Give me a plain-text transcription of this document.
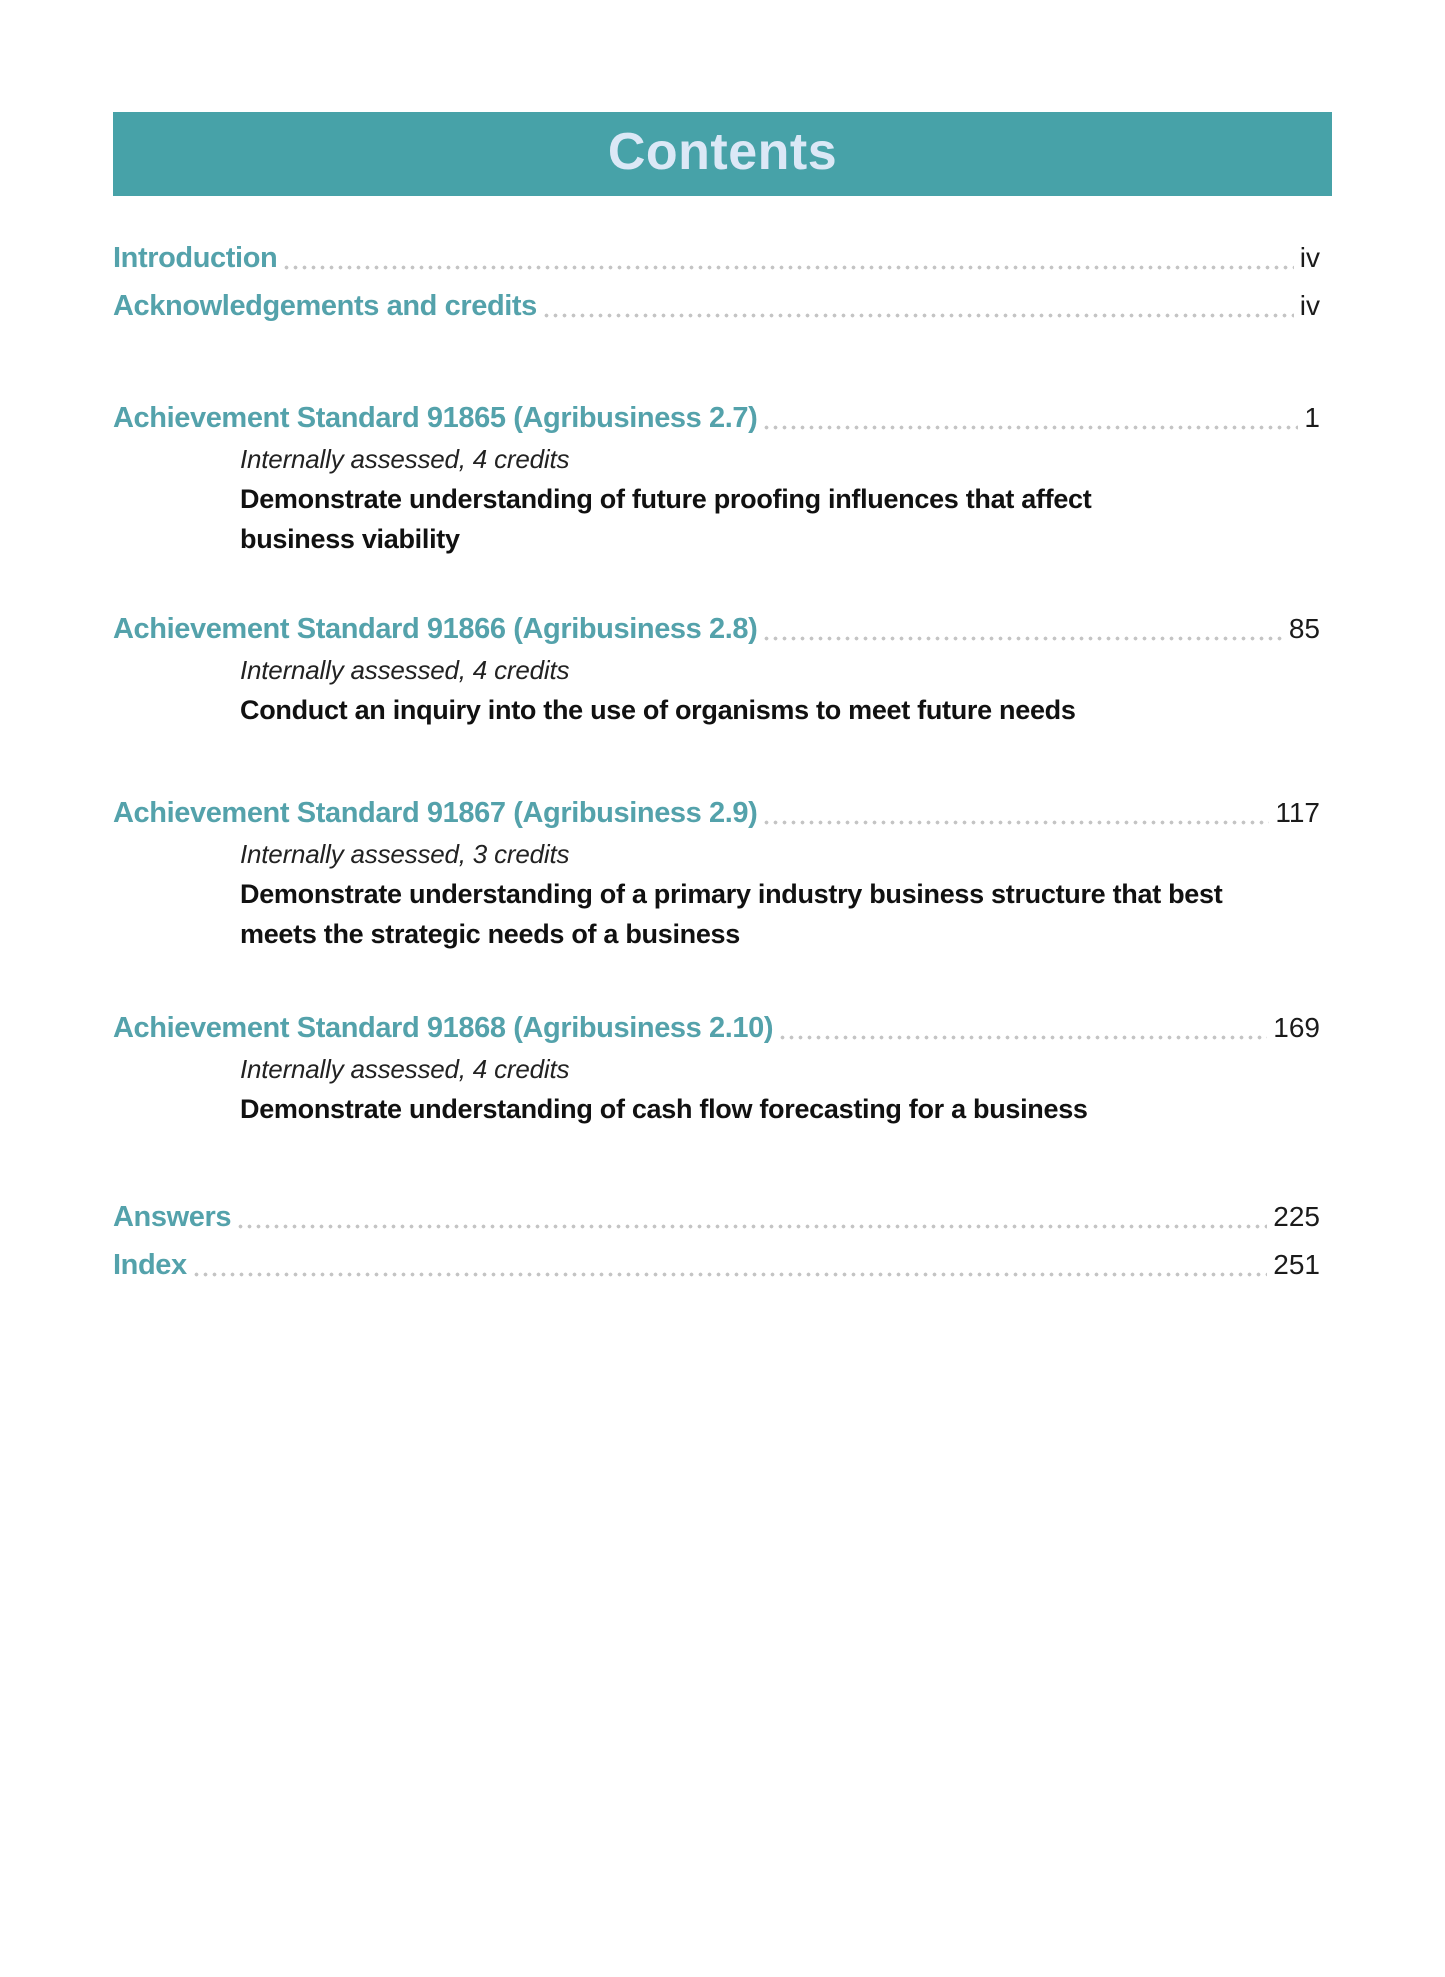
Contents
Introduction	iv
Acknowledgements and credits	iv
Achievement Standard 91865 (Agribusiness 2.7)	1
Internally assessed, 4 credits
Demonstrate understanding of future proofing influences that affect
business viability
Achievement Standard 91866 (Agribusiness 2.8)	85
Internally assessed, 4 credits
Conduct an inquiry into the use of organisms to meet future needs
Achievement Standard 91867 (Agribusiness 2.9)	117
Internally assessed, 3 credits
Demonstrate understanding of a primary industry business structure that best
meets the strategic needs of a business
Achievement Standard 91868 (Agribusiness 2.10)	169
Internally assessed, 4 credits
Demonstrate understanding of cash flow forecasting for a business
Answers	225
Index	251
